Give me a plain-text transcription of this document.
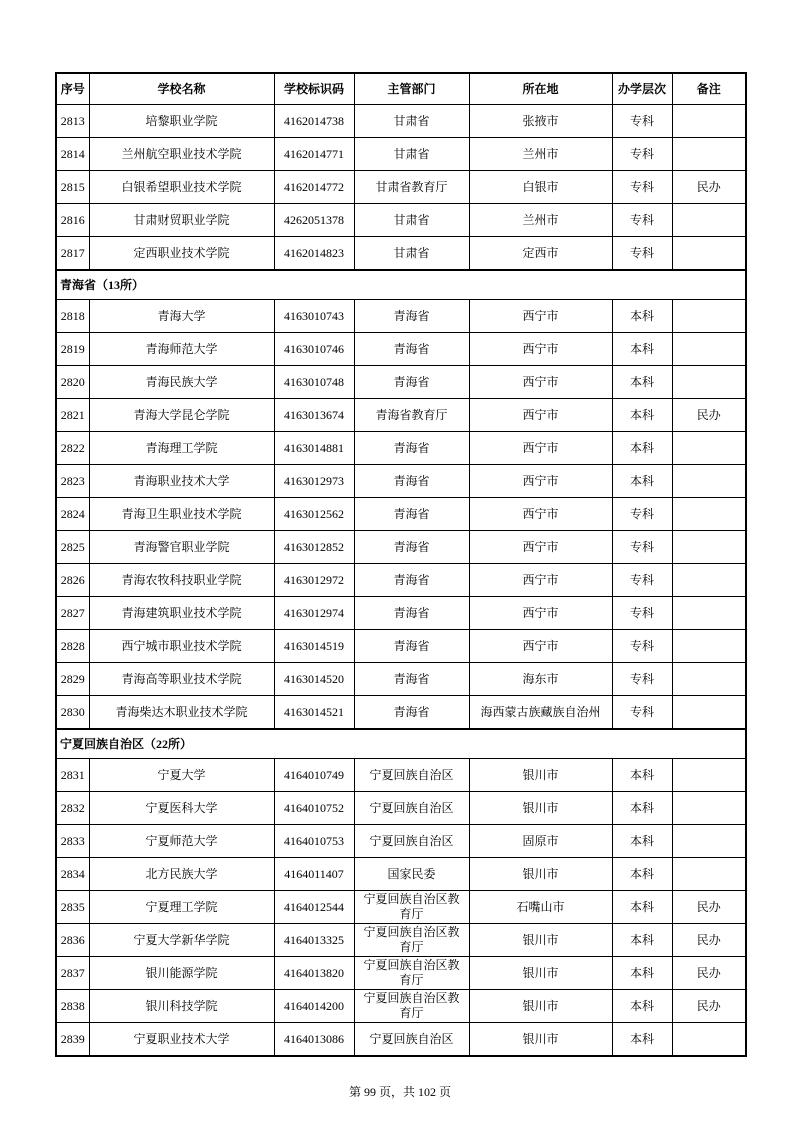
序号	学校名称	学校标识码	主管部门	所在地	办学层次	备注
2813	培黎职业学院	4162014738	甘肃省	张掖市	专科	
2814	兰州航空职业技术学院	4162014771	甘肃省	兰州市	专科	
2815	白银希望职业技术学院	4162014772	甘肃省教育厅	白银市	专科	民办
2816	甘肃财贸职业学院	4262051378	甘肃省	兰州市	专科	
2817	定西职业技术学院	4162014823	甘肃省	定西市	专科	
青海省（13所）						
2818	青海大学	4163010743	青海省	西宁市	本科	
2819	青海师范大学	4163010746	青海省	西宁市	本科	
2820	青海民族大学	4163010748	青海省	西宁市	本科	
2821	青海大学昆仑学院	4163013674	青海省教育厅	西宁市	本科	民办
2822	青海理工学院	4163014881	青海省	西宁市	本科	
2823	青海职业技术大学	4163012973	青海省	西宁市	本科	
2824	青海卫生职业技术学院	4163012562	青海省	西宁市	专科	
2825	青海警官职业学院	4163012852	青海省	西宁市	专科	
2826	青海农牧科技职业学院	4163012972	青海省	西宁市	专科	
2827	青海建筑职业技术学院	4163012974	青海省	西宁市	专科	
2828	西宁城市职业技术学院	4163014519	青海省	西宁市	专科	
2829	青海高等职业技术学院	4163014520	青海省	海东市	专科	
2830	青海柴达木职业技术学院	4163014521	青海省	海西蒙古族藏族自治州	专科	
宁夏回族自治区（22所）						
2831	宁夏大学	4164010749	宁夏回族自治区	银川市	本科	
2832	宁夏医科大学	4164010752	宁夏回族自治区	银川市	本科	
2833	宁夏师范大学	4164010753	宁夏回族自治区	固原市	本科	
2834	北方民族大学	4164011407	国家民委	银川市	本科	
2835	宁夏理工学院	4164012544	宁夏回族自治区教育厅	石嘴山市	本科	民办
2836	宁夏大学新华学院	4164013325	宁夏回族自治区教育厅	银川市	本科	民办
2837	银川能源学院	4164013820	宁夏回族自治区教育厅	银川市	本科	民办
2838	银川科技学院	4164014200	宁夏回族自治区教育厅	银川市	本科	民办
2839	宁夏职业技术大学	4164013086	宁夏回族自治区	银川市	本科	
第 99 页，共 102 页
